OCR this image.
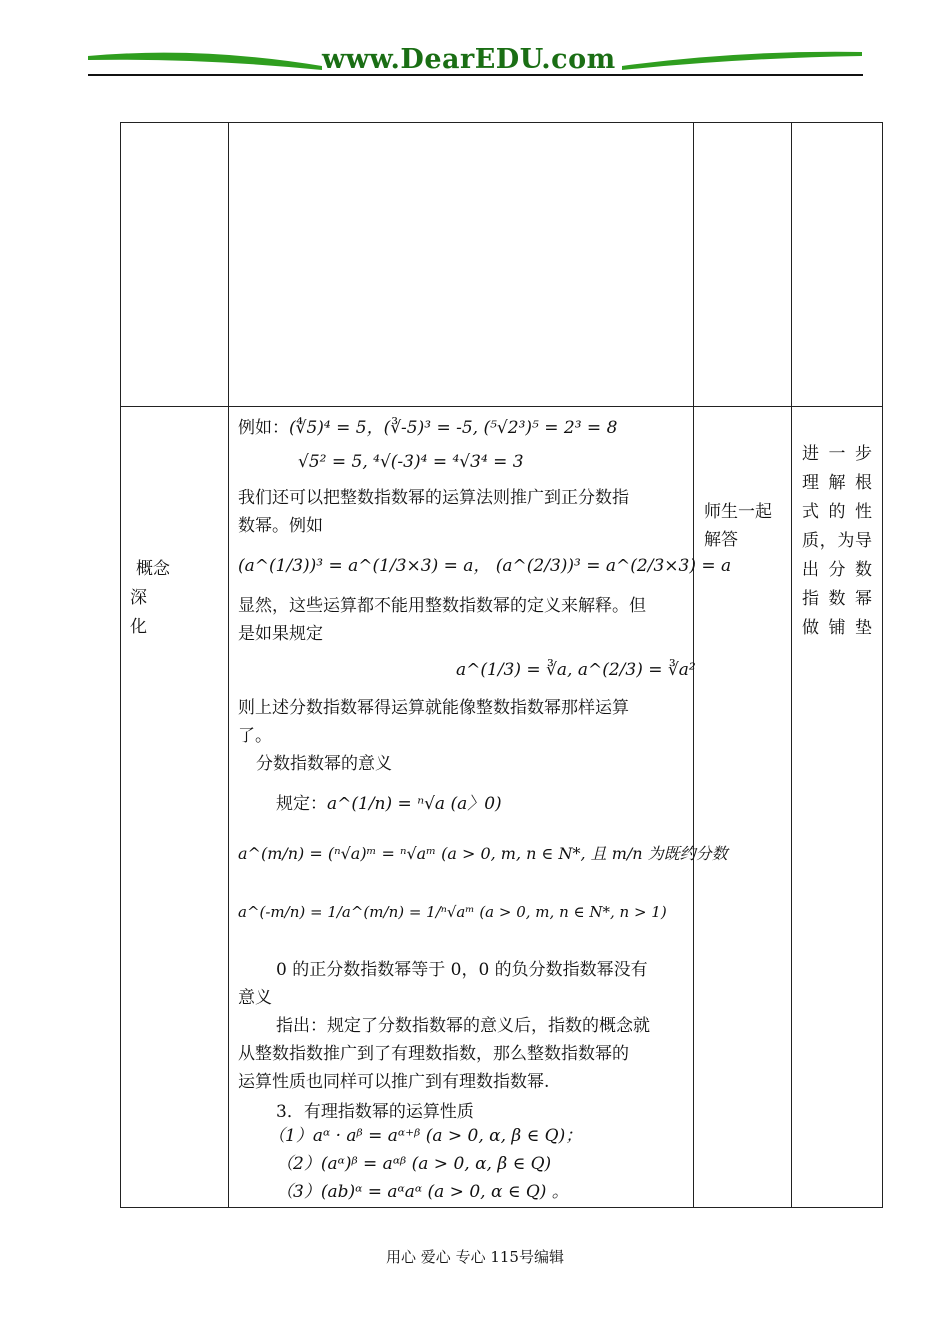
www.DearEDU.com
概念
深
化
师生一起
解答
进一步
理解根
式的性
质，为导
出分数
指数幂
做铺垫
例如：(∜5)⁴ = 5，(∛-5)³ = -5, (⁵√2³)⁵ = 2³ = 8
√5² = 5, ⁴√(-3)⁴ = ⁴√3⁴ = 3
我们还可以把整数指数幂的运算法则推广到正分数指
数幂。例如
(a^(1/3))³ = a^(1/3×3) = a， (a^(2/3))³ = a^(2/3×3) = a
显然，这些运算都不能用整数指数幂的定义来解释。但
是如果规定
a^(1/3) = ∛a, a^(2/3) = ∛a²
则上述分数指数幂得运算就能像整数指数幂那样运算
了。
分数指数幂的意义
规定：a^(1/n) = ⁿ√a (a〉0)
a^(m/n) = (ⁿ√a)ᵐ = ⁿ√aᵐ (a > 0, m, n ∈ N*, 且 m/n 为既约分数
a^(-m/n) = 1/a^(m/n) = 1/ⁿ√aᵐ (a > 0, m, n ∈ N*, n > 1)
0 的正分数指数幂等于 0，0 的负分数指数幂没有
意义
指出：规定了分数指数幂的意义后，指数的概念就
从整数指数推广到了有理数指数，那么整数指数幂的
运算性质也同样可以推广到有理数指数幂.
3．有理指数幂的运算性质
（1）aᵅ · aᵝ = aᵅ⁺ᵝ (a > 0, α, β ∈ Q)；
（2）(aᵅ)ᵝ = aᵅᵝ (a > 0, α, β ∈ Q)
（3）(ab)ᵅ = aᵅaᵅ (a > 0, α ∈ Q) 。
用心 爱心 专心 115号编辑
